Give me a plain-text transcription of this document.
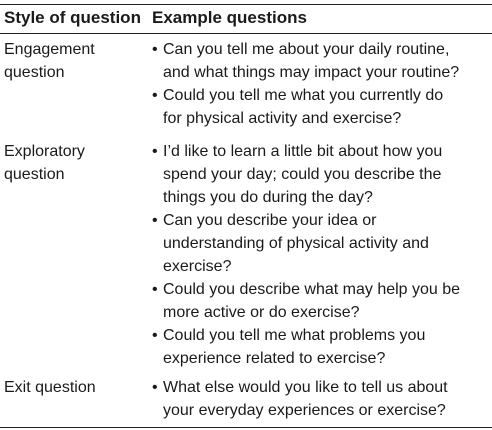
Style of question Example questions
Engagement
question
• Can you tell me about your daily routine,
and what things may impact your routine?
• Could you tell me what you currently do
for physical activity and exercise?
Exploratory
question
• I’d like to learn a little bit about how you
spend your day; could you describe the
things you do during the day?
• Can you describe your idea or
understanding of physical activity and
exercise?
• Could you describe what may help you be
more active or do exercise?
• Could you tell me what problems you
experience related to exercise?
Exit question	• What else would you like to tell us about
your everyday experiences or exercise?
